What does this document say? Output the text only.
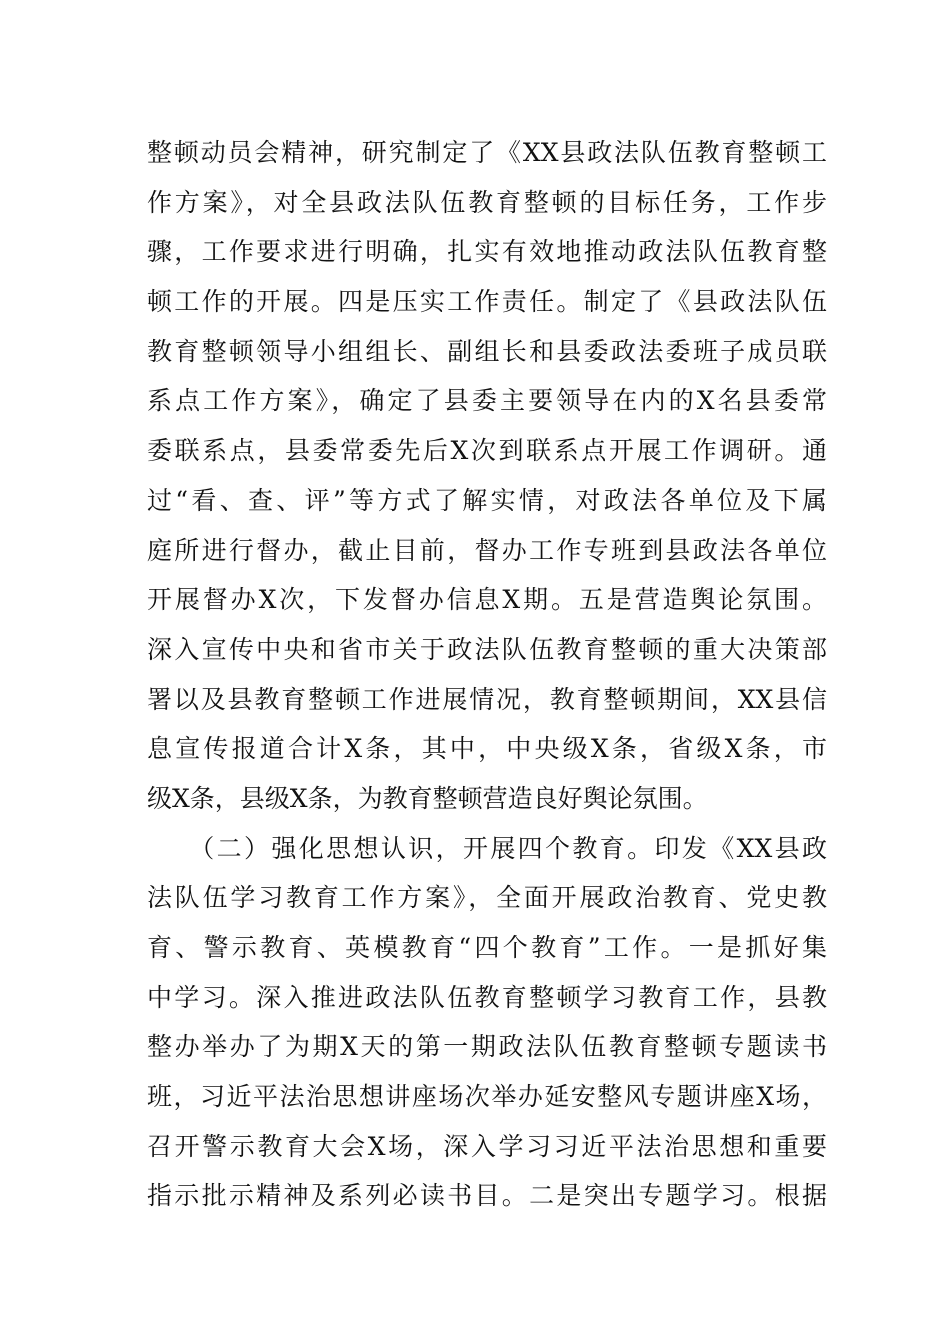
整顿动员会精神，研究制定了《XX县政法队伍教育整顿工
作方案》，对全县政法队伍教育整顿的目标任务，工作步
骤，工作要求进行明确，扎实有效地推动政法队伍教育整
顿工作的开展。四是压实工作责任。制定了《县政法队伍
教育整顿领导小组组长、副组长和县委政法委班子成员联
系点工作方案》，确定了县委主要领导在内的X名县委常
委联系点，县委常委先后X次到联系点开展工作调研。通
过“看、查、评”等方式了解实情，对政法各单位及下属
庭所进行督办，截止目前，督办工作专班到县政法各单位
开展督办X次，下发督办信息X期。五是营造舆论氛围。
深入宣传中央和省市关于政法队伍教育整顿的重大决策部
署以及县教育整顿工作进展情况，教育整顿期间，XX县信
息宣传报道合计X条，其中，中央级X条，省级X条，市
级X条，县级X条，为教育整顿营造良好舆论氛围。
　　（二）强化思想认识，开展四个教育。印发《XX县政
法队伍学习教育工作方案》，全面开展政治教育、党史教
育、警示教育、英模教育“四个教育”工作。一是抓好集
中学习。深入推进政法队伍教育整顿学习教育工作，县教
整办举办了为期X天的第一期政法队伍教育整顿专题读书
班，习近平法治思想讲座场次举办延安整风专题讲座X场，
召开警示教育大会X场，深入学习习近平法治思想和重要
指示批示精神及系列必读书目。二是突出专题学习。根据
